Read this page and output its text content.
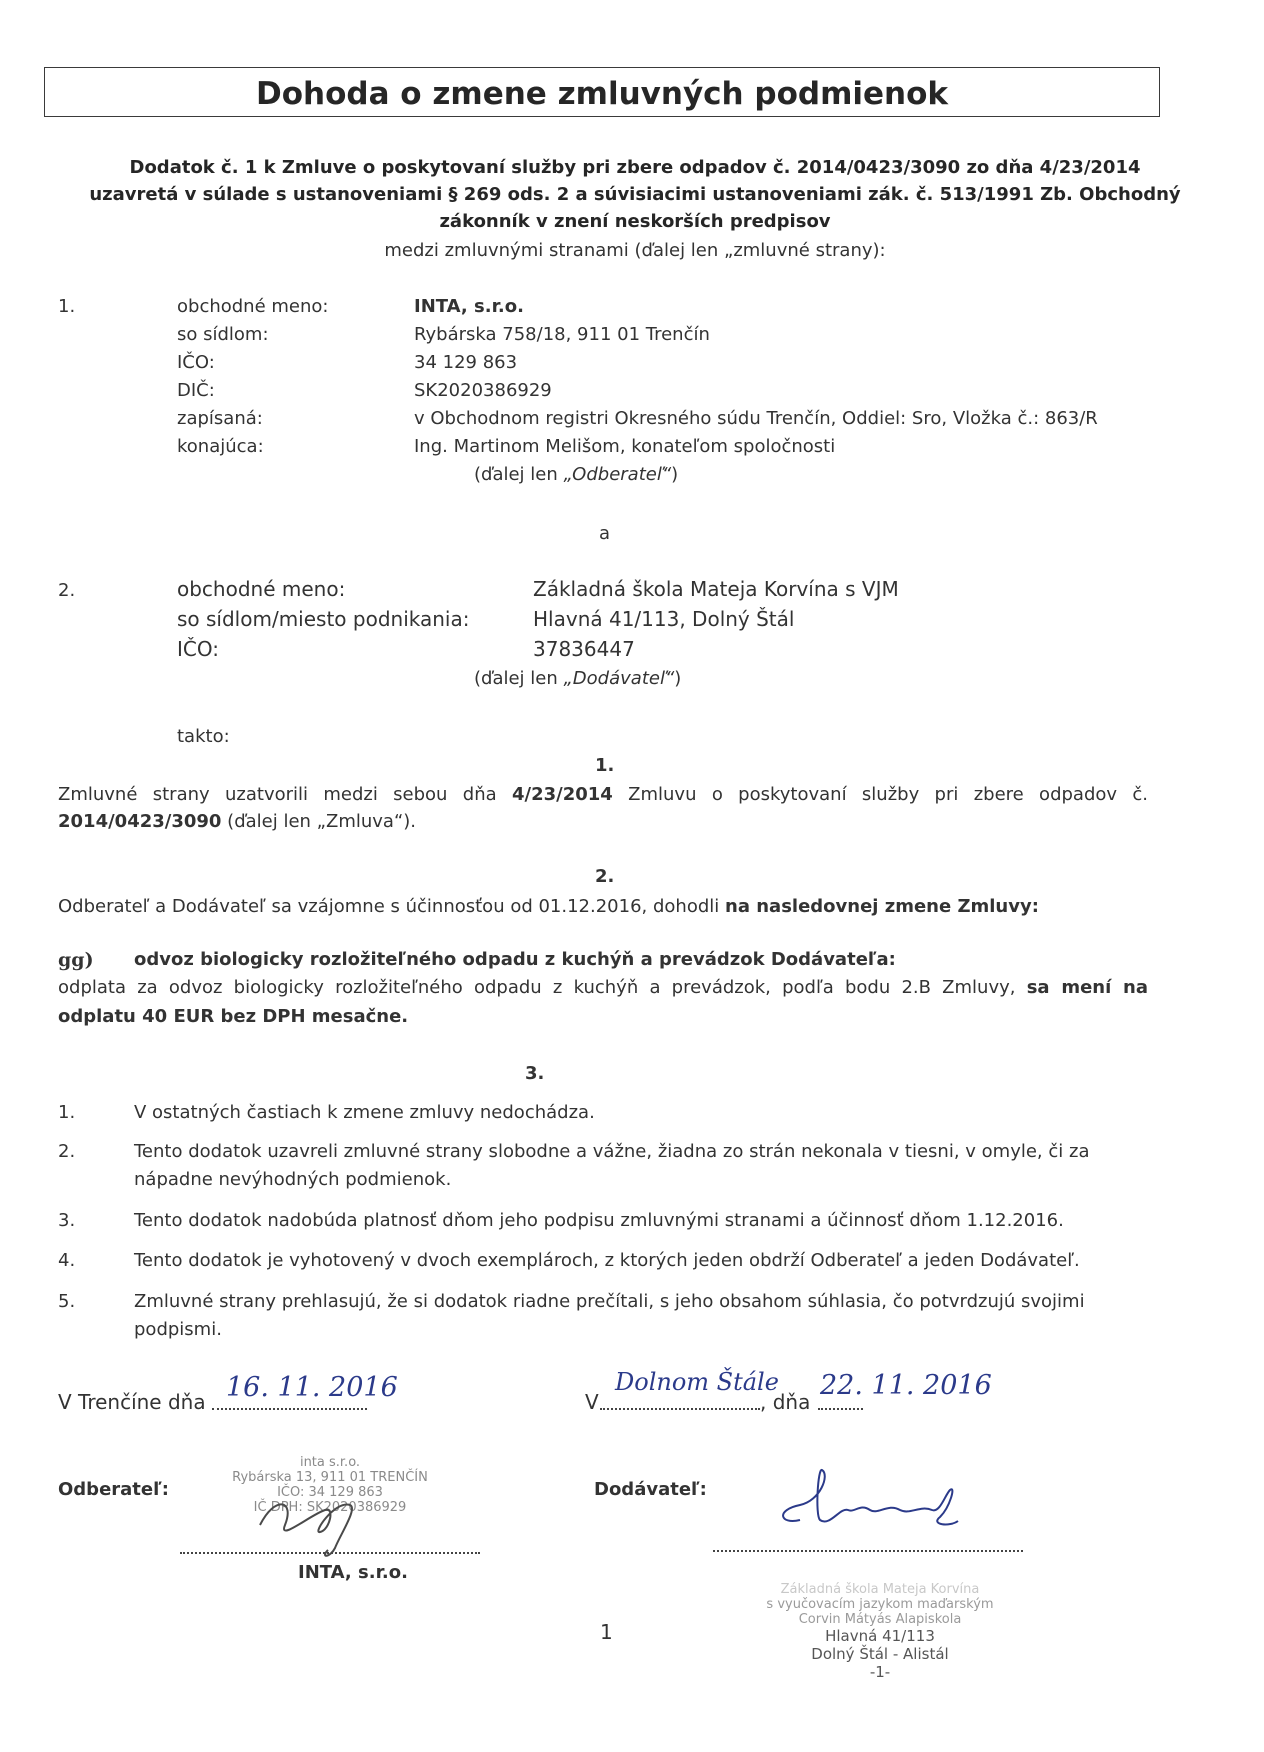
Dohoda o zmene zmluvných podmienok
Dodatok č. 1 k Zmluve o poskytovaní služby pri zbere odpadov č. 2014/0423/3090 zo dňa 4/23/2014
uzavretá v súlade s ustanoveniami § 269 ods. 2 a súvisiacimi ustanoveniami zák. č. 513/1991 Zb. Obchodný
zákonník v znení neskorších predpisov
medzi zmluvnými stranami (ďalej len „zmluvné strany):
1.	obchodné meno:	INTA, s.r.o.
so sídlom:	Rybárska 758/18, 911 01 Trenčín
IČO:	34 129 863
DIČ:	SK2020386929
zapísaná:	v Obchodnom registri Okresného súdu Trenčín, Oddiel: Sro, Vložka č.: 863/R
konajúca:	Ing. Martinom Melišom, konateľom spoločnosti
(ďalej len „Odberateľ“)
a
2.	obchodné meno:	Základná škola Mateja Korvína s VJM
so sídlom/miesto podnikania:	Hlavná 41/113, Dolný Štál
IČO:	37836447
(ďalej len „Dodávateľ“)
takto:
1.
Zmluvné strany uzatvorili medzi sebou dňa 4/23/2014 Zmluvu o poskytovaní služby pri zbere odpadov č.
2014/0423/3090 (ďalej len „Zmluva“).
2.
Odberateľ a Dodávateľ sa vzájomne s účinnosťou od 01.12.2016, dohodli na nasledovnej zmene Zmluvy:
gg) odvoz biologicky rozložiteľného odpadu z kuchýň a prevádzok Dodávateľa:
odplata za odvoz biologicky rozložiteľného odpadu z kuchýň a prevádzok, podľa bodu 2.B Zmluvy, sa mení na
odplatu 40 EUR bez DPH mesačne.
3.
1.	V ostatných častiach k zmene zmluvy nedochádza.
2.	Tento dodatok uzavreli zmluvné strany slobodne a vážne, žiadna zo strán nekonala v tiesni, v omyle, či za
nápadne nevýhodných podmienok.
3.	Tento dodatok nadobúda platnosť dňom jeho podpisu zmluvnými stranami a účinnosť dňom 1.12.2016.
4.	Tento dodatok je vyhotovený v dvoch exemplároch, z ktorých jeden obdrží Odberateľ a jeden Dodávateľ.
5.	Zmluvné strany prehlasujú, že si dodatok riadne prečítali, s jeho obsahom súhlasia, čo potvrdzujú svojimi
podpismi.
V Trenčíne dňa 16. 11. 2016	V
Dolnom Štále
, dňa
22. 11. 2016
Odberateľ:
inta s.r.o.
Rybárska 13, 911 01 TRENČÍN
IČO: 34 129 863
IČ DPH: SK2020386929
INTA, s.r.o.
Dodávateľ:
Základná škola Mateja Korvína
s vyučovacím jazykom maďarským
Corvin Mátyás Alapiskola
Hlavná 41/113
Dolný Štál - Alistál
-1-
1
